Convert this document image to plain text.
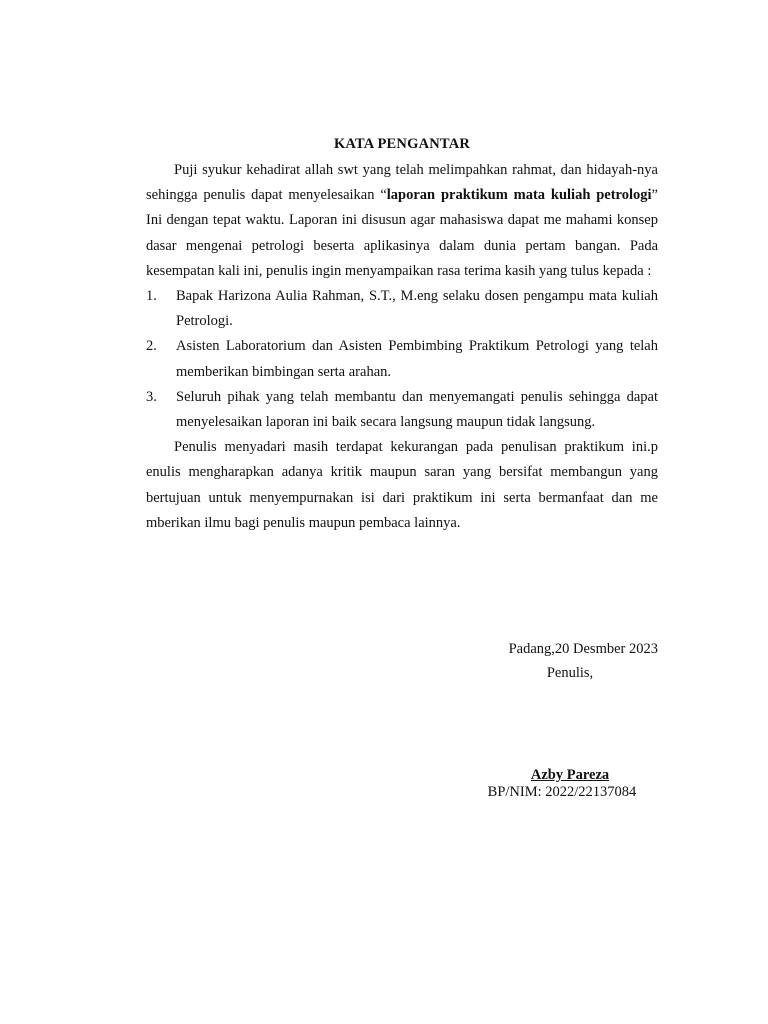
KATA PENGANTAR

Puji syukur kehadirat allah swt yang telah melimpahkan rahmat, dan hidayah-nya sehingga penulis dapat menyelesaikan “laporan praktikum mata kuliah petrologi” Ini dengan tepat waktu. Laporan ini disusun agar mahasiswa dapat me mahami konsep dasar mengenai petrologi beserta aplikasinya dalam dunia pertam bangan. Pada kesempatan kali ini, penulis ingin menyampaikan rasa terima kasih yang tulus kepada :

1. Bapak Harizona Aulia Rahman, S.T., M.eng selaku dosen pengampu mata kuliah Petrologi.
2. Asisten Laboratorium dan Asisten Pembimbing Praktikum Petrologi yang telah memberikan bimbingan serta arahan.
3. Seluruh pihak yang telah membantu dan menyemangati penulis sehingga dapat menyelesaikan laporan ini baik secara langsung maupun tidak langsung.

Penulis menyadari masih terdapat kekurangan pada penulisan praktikum ini.p enulis mengharapkan adanya kritik maupun saran yang bersifat membangun yang bertujuan untuk menyempurnakan isi dari praktikum ini serta bermanfaat dan me mberikan ilmu bagi penulis maupun pembaca lainnya.

Padang,20 Desmber 2023
Penulis,
Azby Pareza
BP/NIM: 2022/22137084
